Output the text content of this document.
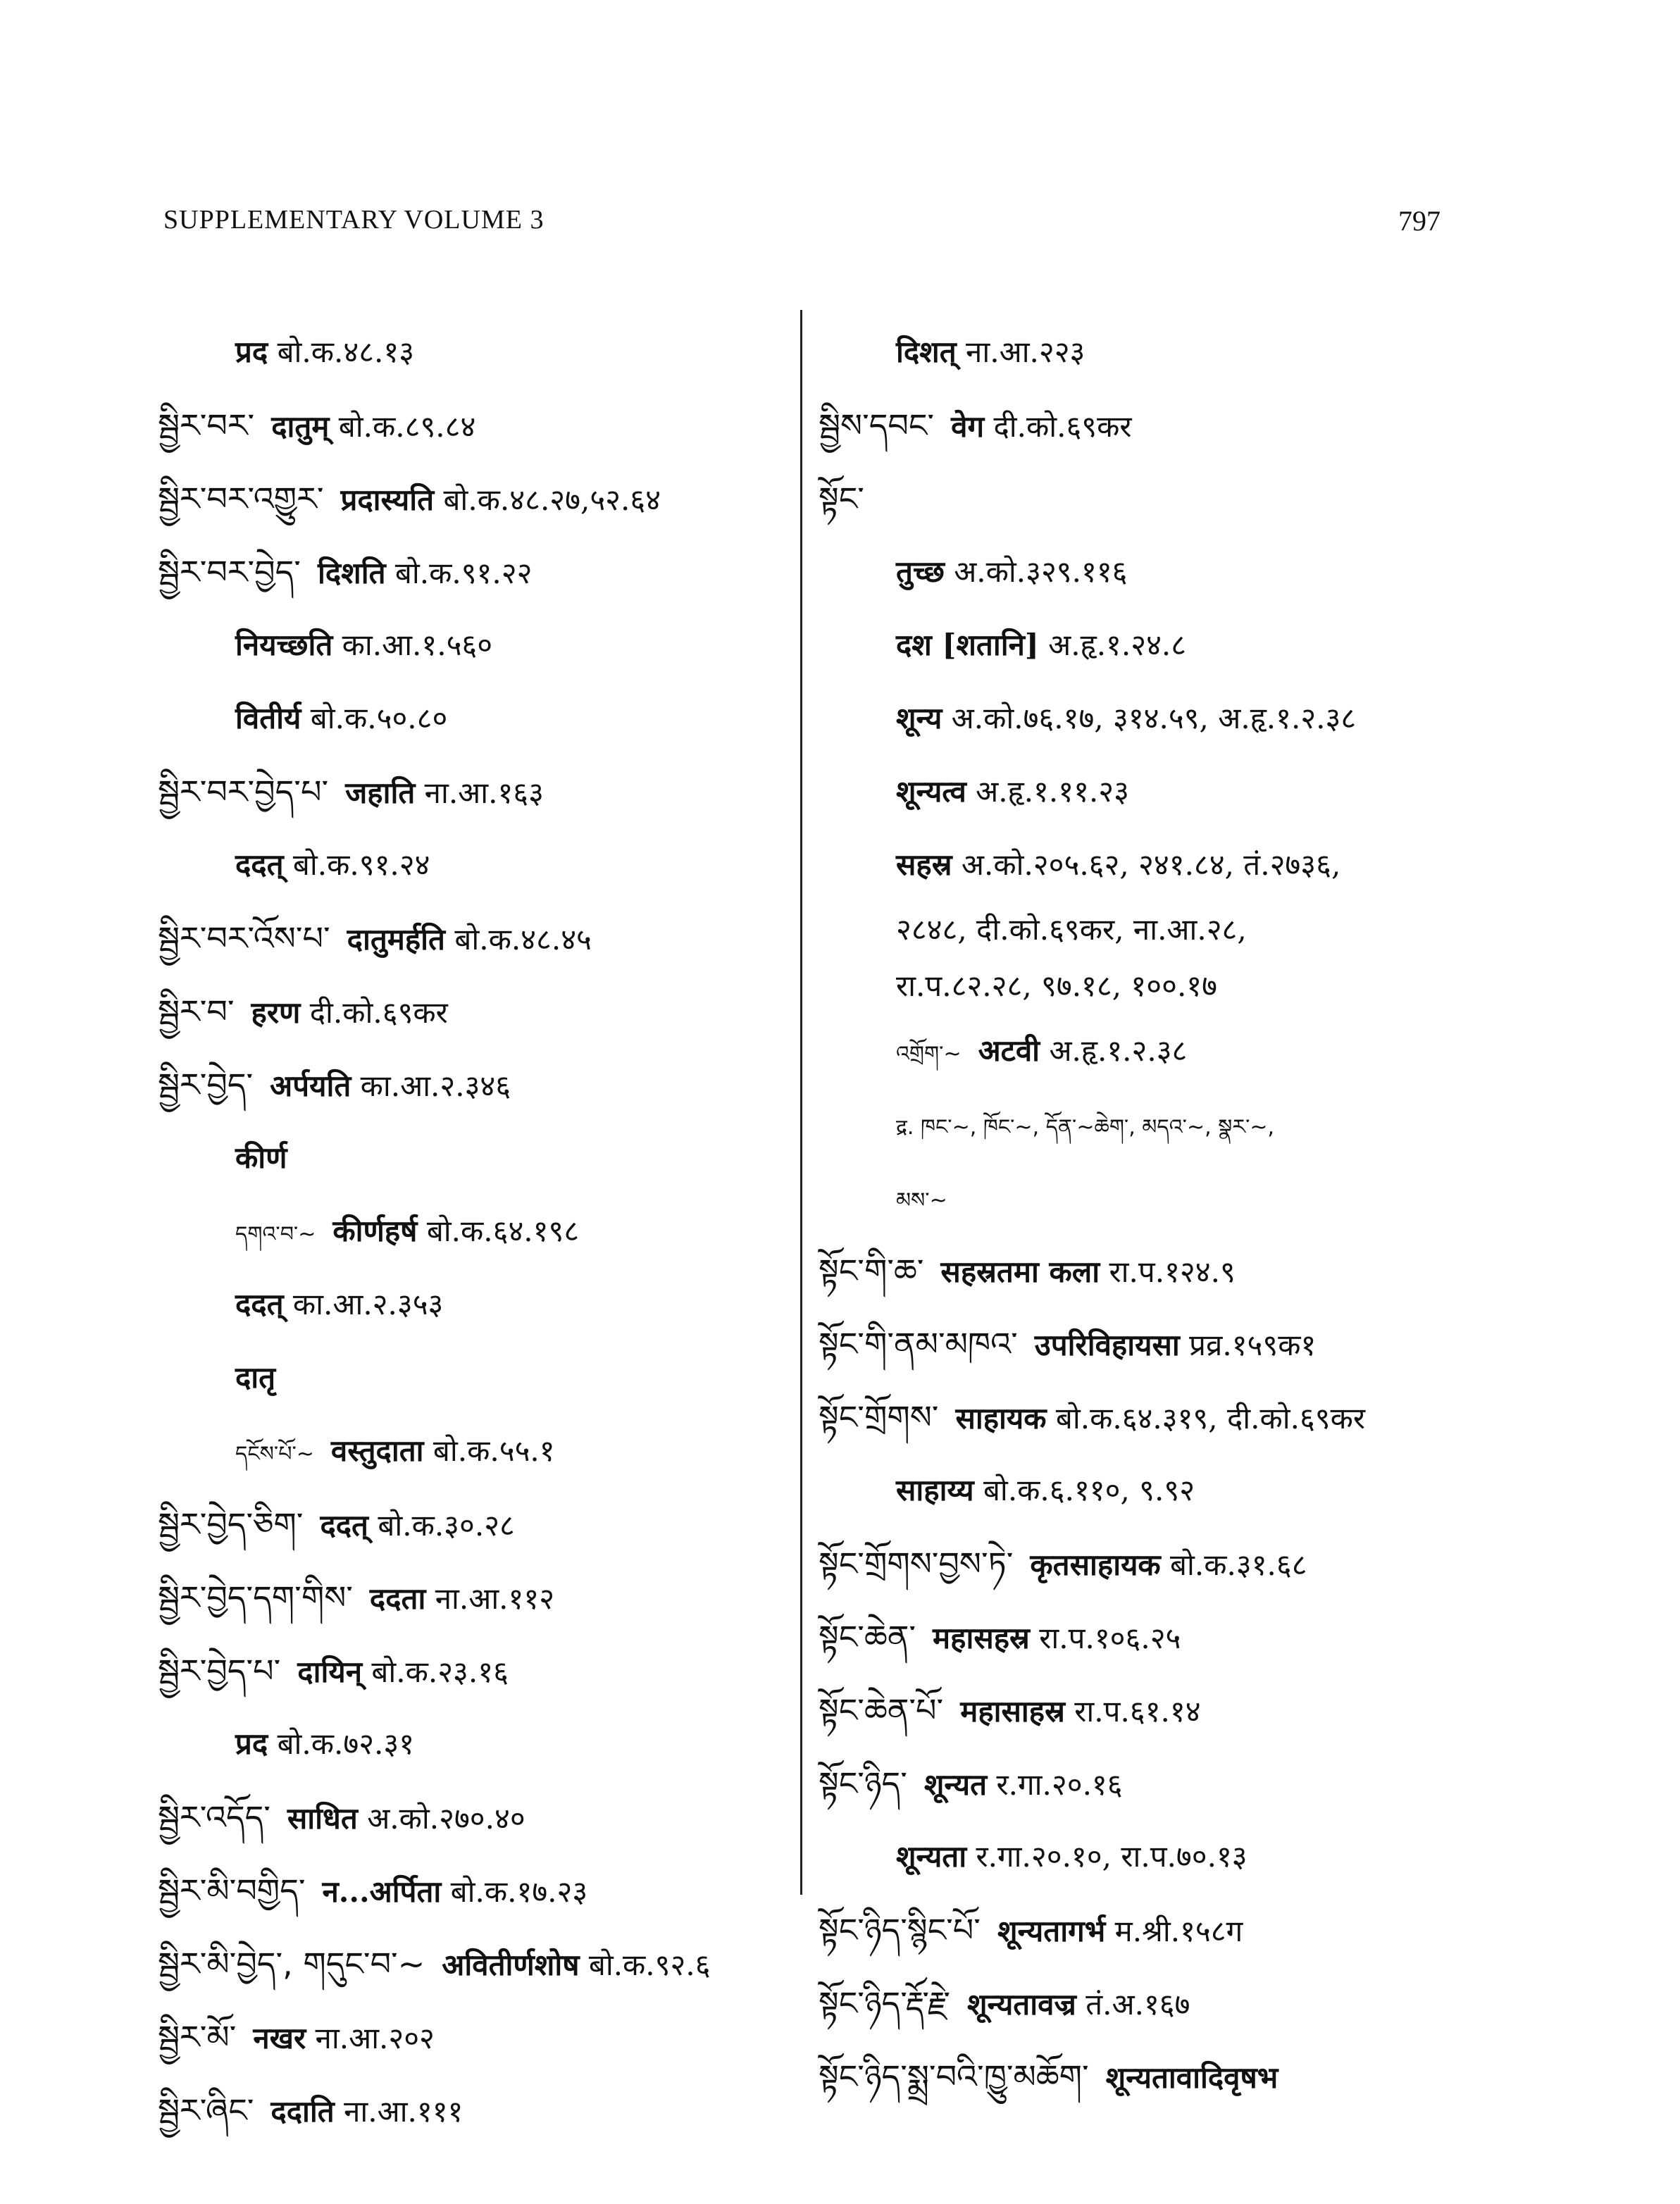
SUPPLEMENTARY VOLUME 3	797
प्रद बो.क.४८.१३
སྦྱིར་བར་ दातुम् बो.क.८९.८४
སྦྱིར་བར་འགྱུར་ प्रदास्यति बो.क.४८.२७,५२.६४
སྦྱིར་བར་བྱེད་ दिशति बो.क.९१.२२
नियच्छति का.आ.१.५६०
वितीर्य बो.क.५०.८०
སྦྱིར་བར་བྱེད་པ་ जहाति ना.आ.१६३
ददत् बो.क.९१.२४
སྦྱིར་བར་འོས་པ་ दातुमर्हति बो.क.४८.४५
སྦྱིར་བ་ हरण दी.को.६९कर
སྦྱིར་བྱེད་ अर्पयति का.आ.२.३४६
कीर्ण
དགའ་བ་~ कीर्णहर्ष बो.क.६४.१९८
ददत् का.आ.२.३५३
दातृ
དངོས་པོ་~ वस्तुदाता बो.क.५५.१
སྦྱིར་བྱེད་ཅིག་ ददत् बो.क.३०.२८
སྦྱིར་བྱེད་དག་གིས་ ददता ना.आ.११२
སྦྱིར་བྱེད་པ་ दायिन् बो.क.२३.१६
प्रद बो.क.७२.३१
སྦྱིར་འདོད་ साधित अ.को.२७०.४०
སྦྱིར་མི་བགྱིད་ न...अर्पिता बो.क.१७.२३
སྦྱིར་མི་བྱེད་, གདུང་བ་~ अवितीर्णशोष बो.क.९२.६
སྦྱིར་མོ་ नखर ना.आ.२०२
སྦྱིར་ཞིང་ ददाति ना.आ.१११
दिशत् ना.आ.२२३
སྦྱིས་དབང་ वेग दी.को.६९कर
སྟོང་
तुच्छ अ.को.३२९.११६
दश [शतानि] अ.हृ.१.२४.८
शून्य अ.को.७६.१७, ३१४.५९, अ.हृ.१.२.३८
शून्यत्व अ.हृ.१.११.२३
सहस्र अ.को.२०५.६२, २४१.८४, तं.२७३६,
२८४८, दी.को.६९कर, ना.आ.२८,
रा.प.८२.२८, ९७.१८, १००.१७
འགྲོག་~ अटवी अ.हृ.१.२.३८
द्र. ཁང་~, ཁོང་~, དོན་~ཆེག་, མདའ་~, སྣར་~,
མས་~
སྟོང་གི་ཆ་ सहस्रतमा कला रा.प.१२४.९
སྟོང་གི་ནམ་མཁའ་ उपरिविहायसा प्रव्र.१५९क१
སྟོང་གྲོགས་ साहायक बो.क.६४.३१९, दी.को.६९कर
साहाय्य बो.क.६.११०, ९.९२
སྟོང་གྲོགས་བྱས་ཏེ་ कृतसाहायक बो.क.३१.६८
སྟོང་ཆེན་ महासहस्र रा.प.१०६.२५
སྟོང་ཆེན་པོ་ महासाहस्र रा.प.६१.१४
སྟོང་ཉིད་ शून्यत र.गा.२०.१६
शून्यता र.गा.२०.१०, रा.प.७०.१३
སྟོང་ཉིད་སྙིང་པོ་ शून्यतागर्भ म.श्री.१५८ग
སྟོང་ཉིད་རྡོ་རྗེ་ शून्यतावज्र तं.अ.१६७
སྟོང་ཉིད་སྨྲ་བའི་ཁྱུ་མཆོག་ शून्यतावादिवृषभ
